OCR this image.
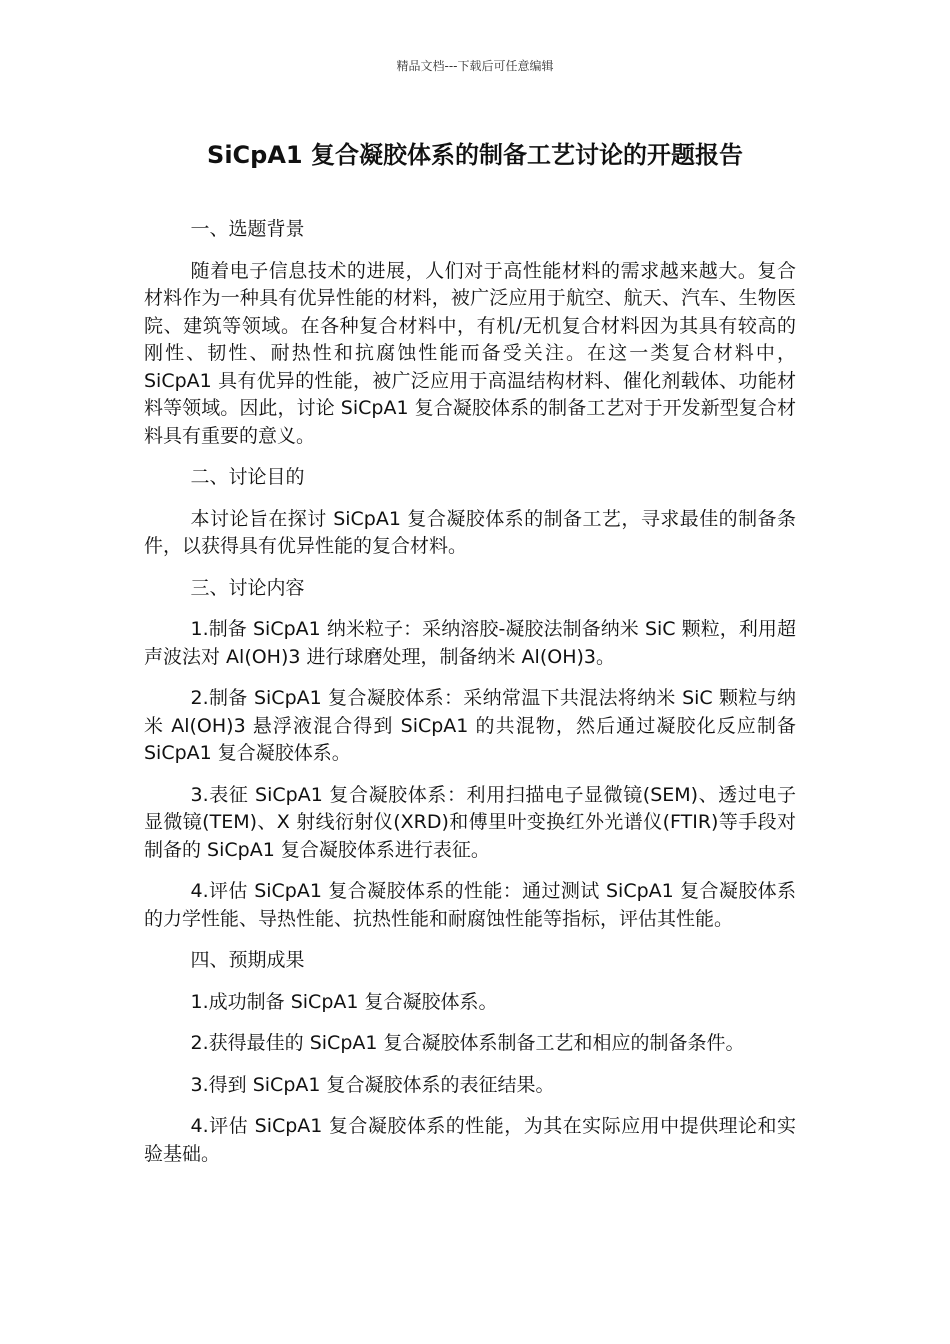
精品文档---下载后可任意编辑
SiCpA1 复合凝胶体系的制备工艺讨论的开题报告

一、选题背景

随着电子信息技术的进展，人们对于高性能材料的需求越来越大。复合材料作为一种具有优异性能的材料，被广泛应用于航空、航天、汽车、生物医院、建筑等领域。在各种复合材料中，有机/无机复合材料因为其具有较高的刚性、韧性、耐热性和抗腐蚀性能而备受关注。在这一类复合材料中，SiCpA1 具有优异的性能，被广泛应用于高温结构材料、催化剂载体、功能材料等领域。因此，讨论 SiCpA1 复合凝胶体系的制备工艺对于开发新型复合材料具有重要的意义。

二、讨论目的

本讨论旨在探讨 SiCpA1 复合凝胶体系的制备工艺，寻求最佳的制备条件，以获得具有优异性能的复合材料。

三、讨论内容

1.制备 SiCpA1 纳米粒子：采纳溶胶-凝胶法制备纳米 SiC 颗粒，利用超声波法对 Al(OH)3 进行球磨处理，制备纳米 Al(OH)3。

2.制备 SiCpA1 复合凝胶体系：采纳常温下共混法将纳米 SiC 颗粒与纳米 Al(OH)3 悬浮液混合得到 SiCpA1 的共混物，然后通过凝胶化反应制备 SiCpA1 复合凝胶体系。

3.表征 SiCpA1 复合凝胶体系：利用扫描电子显微镜(SEM)、透过电子显微镜(TEM)、X 射线衍射仪(XRD)和傅里叶变换红外光谱仪(FTIR)等手段对制备的 SiCpA1 复合凝胶体系进行表征。

4.评估 SiCpA1 复合凝胶体系的性能：通过测试 SiCpA1 复合凝胶体系的力学性能、导热性能、抗热性能和耐腐蚀性能等指标，评估其性能。

四、预期成果

1.成功制备 SiCpA1 复合凝胶体系。

2.获得最佳的 SiCpA1 复合凝胶体系制备工艺和相应的制备条件。

3.得到 SiCpA1 复合凝胶体系的表征结果。

4.评估 SiCpA1 复合凝胶体系的性能，为其在实际应用中提供理论和实验基础。
